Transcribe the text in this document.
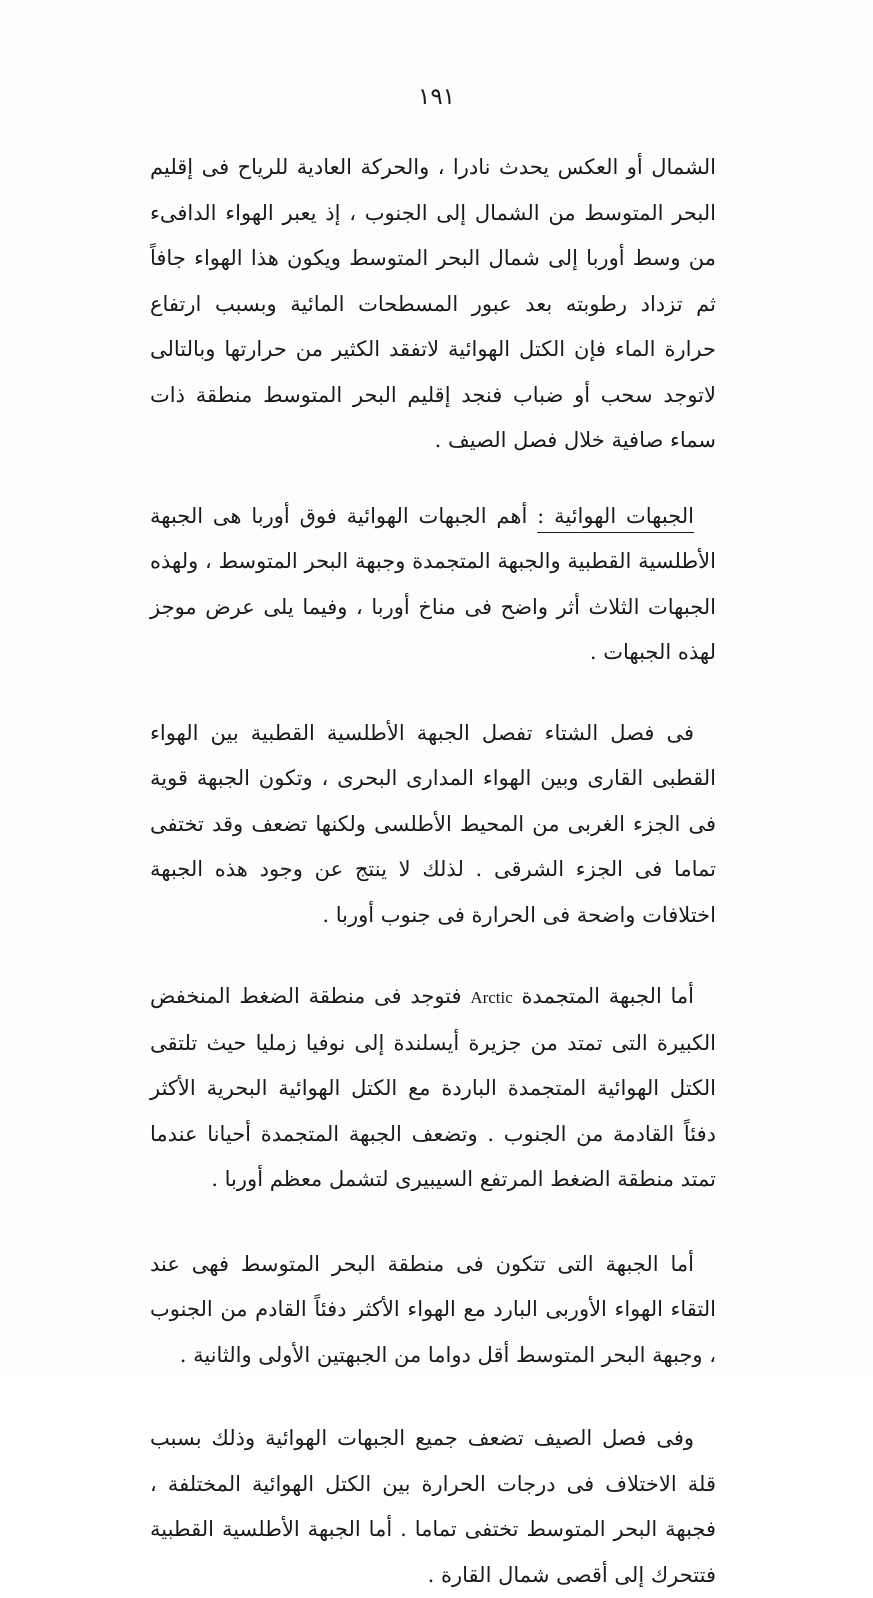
١٩١

الشمال أو العكس يحدث نادرا ، والحركة العادية للرياح فى إقليم البحر المتوسط من الشمال إلى الجنوب ، إذ يعبر الهواء الدافىء من وسط أوربا إلى شمال البحر المتوسط ويكون هذا الهواء جافاً ثم تزداد رطوبته بعد عبور المسطحات المائية وبسبب ارتفاع حرارة الماء فإن الكتل الهوائية لاتفقد الكثير من حرارتها وبالتالى لاتوجد سحب أو ضباب فنجد إقليم البحر المتوسط منطقة ذات سماء صافية خلال فصل الصيف .

الجبهات الهوائية : أهم الجبهات الهوائية فوق أوربا هى الجبهة الأطلسية القطبية والجبهة المتجمدة وجبهة البحر المتوسط ، ولهذه الجبهات الثلاث أثر واضح فى مناخ أوربا ، وفيما يلى عرض موجز لهذه الجبهات .

فى فصل الشتاء تفصل الجبهة الأطلسية القطبية بين الهواء القطبى القارى وبين الهواء المدارى البحرى ، وتكون الجبهة قوية فى الجزء الغربى من المحيط الأطلسى ولكنها تضعف وقد تختفى تماما فى الجزء الشرقى . لذلك لا ينتج عن وجود هذه الجبهة اختلافات واضحة فى الحرارة فى جنوب أوربا .

أما الجبهة المتجمدة Arctic فتوجد فى منطقة الضغط المنخفض الكبيرة التى تمتد من جزيرة أيسلندة إلى نوفيا زمليا حيث تلتقى الكتل الهوائية المتجمدة الباردة مع الكتل الهوائية البحرية الأكثر دفئاً القادمة من الجنوب . وتضعف الجبهة المتجمدة أحيانا عندما تمتد منطقة الضغط المرتفع السيبيرى لتشمل معظم أوربا .

أما الجبهة التى تتكون فى منطقة البحر المتوسط فهى عند التقاء الهواء الأوربى البارد مع الهواء الأكثر دفئاً القادم من الجنوب ، وجبهة البحر المتوسط أقل دواما من الجبهتين الأولى والثانية .

وفى فصل الصيف تضعف جميع الجبهات الهوائية وذلك بسبب قلة الاختلاف فى درجات الحرارة بين الكتل الهوائية المختلفة ، فجبهة البحر المتوسط تختفى تماما . أما الجبهة الأطلسية القطبية فتتحرك إلى أقصى شمال القارة .
